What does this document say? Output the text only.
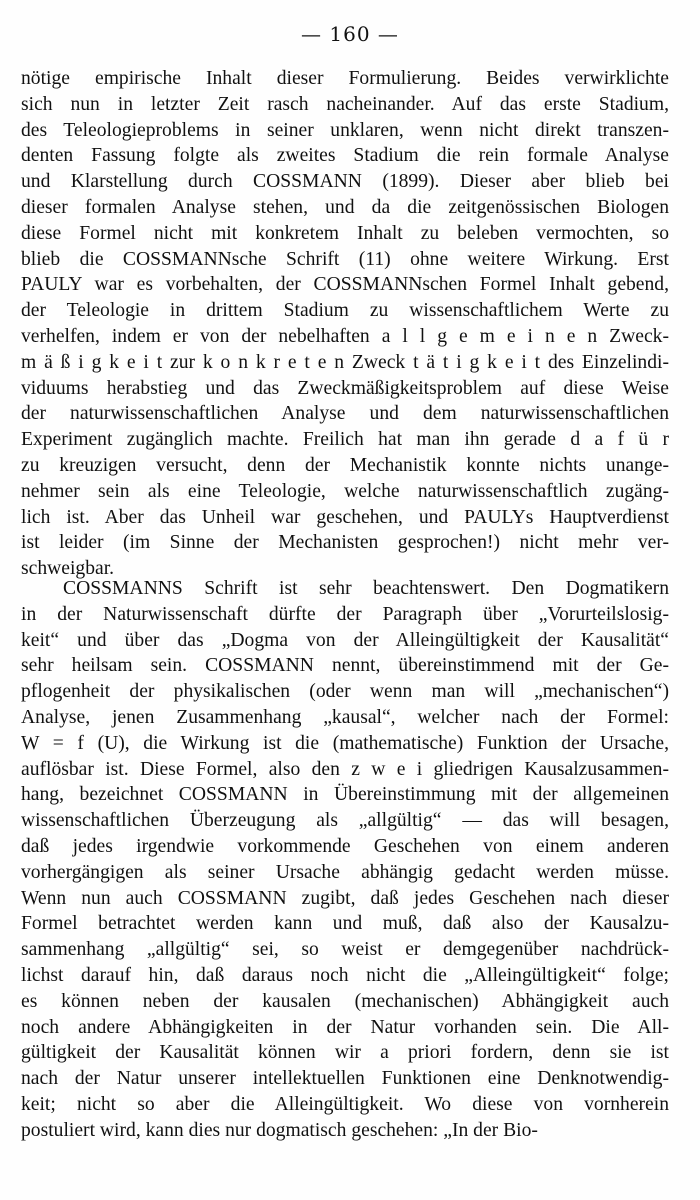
— 160 —
nötige empirische Inhalt dieser Formulierung. Beides verwirklichte
sich nun in letzter Zeit rasch nacheinander. Auf das erste Stadium,
des Teleologieproblems in seiner unklaren, wenn nicht direkt transzen-
denten Fassung folgte als zweites Stadium die rein formale Analyse
und Klarstellung durch COSSMANN (1899). Dieser aber blieb bei
dieser formalen Analyse stehen, und da die zeitgenössischen Biologen
diese Formel nicht mit konkretem Inhalt zu beleben vermochten, so
blieb die COSSMANNsche Schrift (11) ohne weitere Wirkung. Erst
PAULY war es vorbehalten, der COSSMANNschen Formel Inhalt gebend,
der Teleologie in drittem Stadium zu wissenschaftlichem Werte zu
verhelfen, indem er von der nebelhaften a l l g e m e i n e n Zweck-
m ä ß i g k e i t zur k o n k r e t e n Zweck t ä t i g k e i t des Einzelindi-
viduums herabstieg und das Zweckmäßigkeitsproblem auf diese Weise
der naturwissenschaftlichen Analyse und dem naturwissenschaftlichen
Experiment zugänglich machte. Freilich hat man ihn gerade d a f ü r
zu kreuzigen versucht, denn der Mechanistik konnte nichts unange-
nehmer sein als eine Teleologie, welche naturwissenschaftlich zugäng-
lich ist. Aber das Unheil war geschehen, und PAULYs Hauptverdienst
ist leider (im Sinne der Mechanisten gesprochen!) nicht mehr ver-
schweigbar.
COSSMANNS Schrift ist sehr beachtenswert. Den Dogmatikern
in der Naturwissenschaft dürfte der Paragraph über „Vorurteilslosig-
keit“ und über das „Dogma von der Alleingültigkeit der Kausalität“
sehr heilsam sein. COSSMANN nennt, übereinstimmend mit der Ge-
pflogenheit der physikalischen (oder wenn man will „mechanischen“)
Analyse, jenen Zusammenhang „kausal“, welcher nach der Formel:
W = f (U), die Wirkung ist die (mathematische) Funktion der Ursache,
auflösbar ist. Diese Formel, also den z w e i gliedrigen Kausalzusammen-
hang, bezeichnet COSSMANN in Übereinstimmung mit der allgemeinen
wissenschaftlichen Überzeugung als „allgültig“ — das will besagen,
daß jedes irgendwie vorkommende Geschehen von einem anderen
vorhergängigen als seiner Ursache abhängig gedacht werden müsse.
Wenn nun auch COSSMANN zugibt, daß jedes Geschehen nach dieser
Formel betrachtet werden kann und muß, daß also der Kausalzu-
sammenhang „allgültig“ sei, so weist er demgegenüber nachdrück-
lichst darauf hin, daß daraus noch nicht die „Alleingültigkeit“ folge;
es können neben der kausalen (mechanischen) Abhängigkeit auch
noch andere Abhängigkeiten in der Natur vorhanden sein. Die All-
gültigkeit der Kausalität können wir a priori fordern, denn sie ist
nach der Natur unserer intellektuellen Funktionen eine Denknotwendig-
keit; nicht so aber die Alleingültigkeit. Wo diese von vornherein
postuliert wird, kann dies nur dogmatisch geschehen: „In der Bio-
